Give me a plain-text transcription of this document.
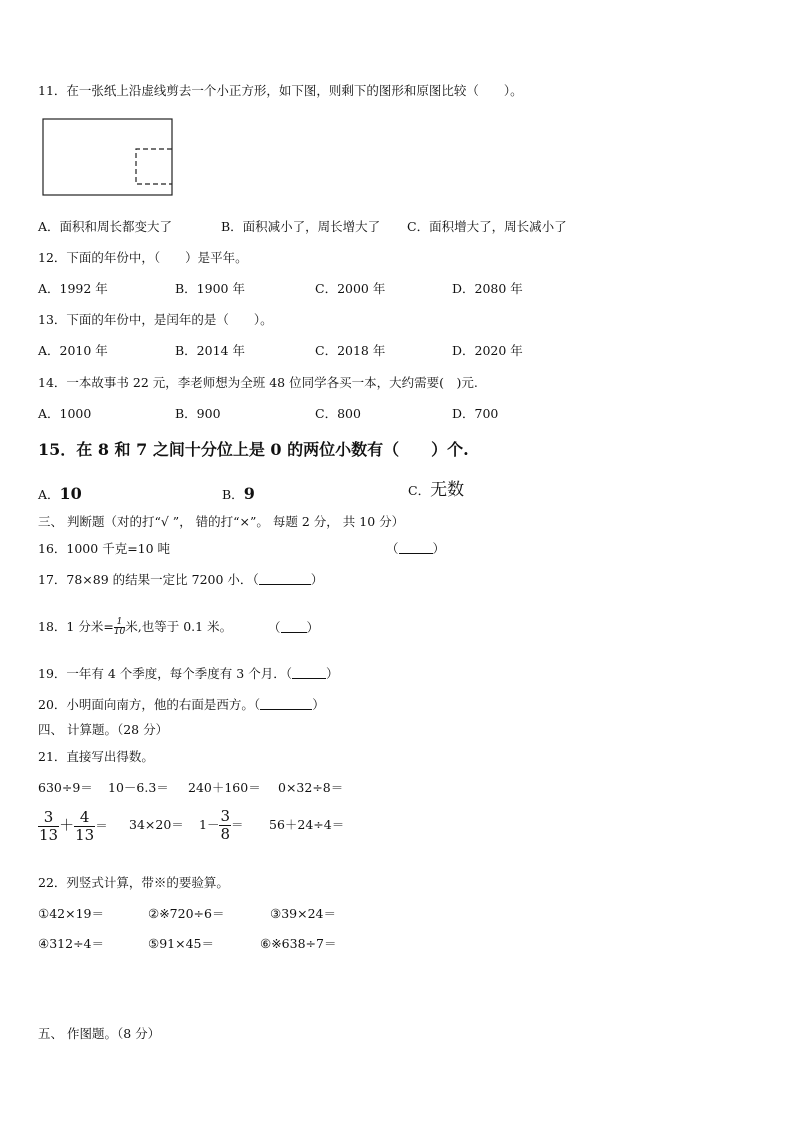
11．在一张纸上沿虚线剪去一个小正方形，如下图，则剩下的图形和原图比较（　　）。
A．面积和周长都变大了	B．面积减小了，周长增大了 C．面积增大了，周长减小了
12．下面的年份中，（　　）是平年。
A．1992 年	B．1900 年	C．2000 年	D．2080 年
13．下面的年份中，是闰年的是（　　）。
A．2010 年	B．2014 年	C．2018 年	D．2020 年
14．一本故事书 22 元，李老师想为全班 48 位同学各买一本，大约需要(　)元.
A．1000	B．900	C．800	D．700
15．在 8 和 7 之间十分位上是 0 的两位小数有（　　）个.
A．10	B．9	C．无数
三、 判断题（对的打“√ ”， 错的打“×”。 每题 2 分， 共 10 分）
16．1000 千克=10 吨	（	）
17．78×89 的结果一定比 7200 小．（	）
18．1 分米= $\frac{1}{10}$ 米,也等于 0.1 米。	（ ）
19．一年有 4 个季度，每个季度有 3 个月．（	）
20．小明面向南方，他的右面是西方。（	）
四、 计算题。（28 分）
21．直接写出得数。
630÷9＝ 10－6.3＝ 240＋160＝ 0×32÷8＝
$\frac{3}{13} + \frac{4}{13} = 34\times 20= 1- \frac{3}{8} = 56+24\div 4=$
22．列竖式计算，带※的要验算。
①42×19＝	②※720÷6＝	③39×24＝
④312÷4＝	⑤91×45＝	⑥※638÷7＝
五、 作图题。（8 分）
